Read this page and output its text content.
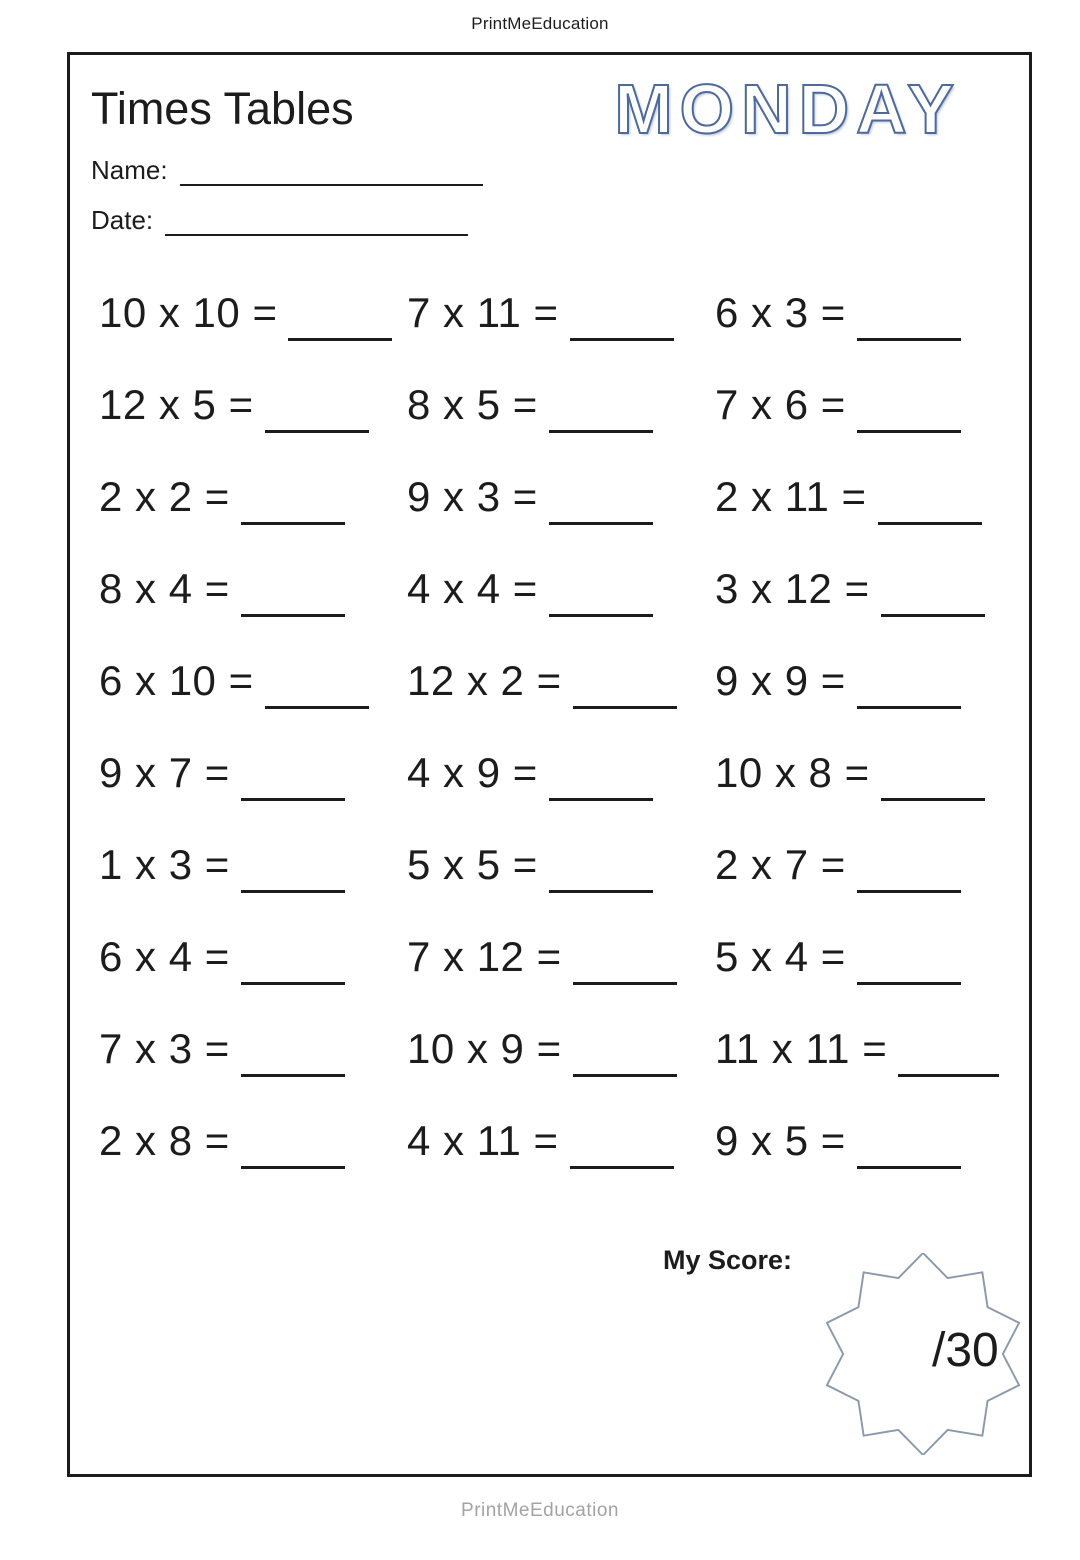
PrintMeEducation
Times Tables	MONDAY
Name:
Date:
10 x 10 =	7 x 11 =	6 x 3 =
12 x 5 =	8 x 5 =	7 x 6 =
2 x 2 =	9 x 3 =	2 x 11 =
8 x 4 =	4 x 4 =	3 x 12 =
6 x 10 =	12 x 2 =	9 x 9 =
9 x 7 =	4 x 9 =	10 x 8 =
1 x 3 =	5 x 5 =	2 x 7 =
6 x 4 =	7 x 12 =	5 x 4 =
7 x 3 =	10 x 9 =	11 x 11 =
2 x 8 =	4 x 11 =	9 x 5 =
My Score:
/30
PrintMeEducation
